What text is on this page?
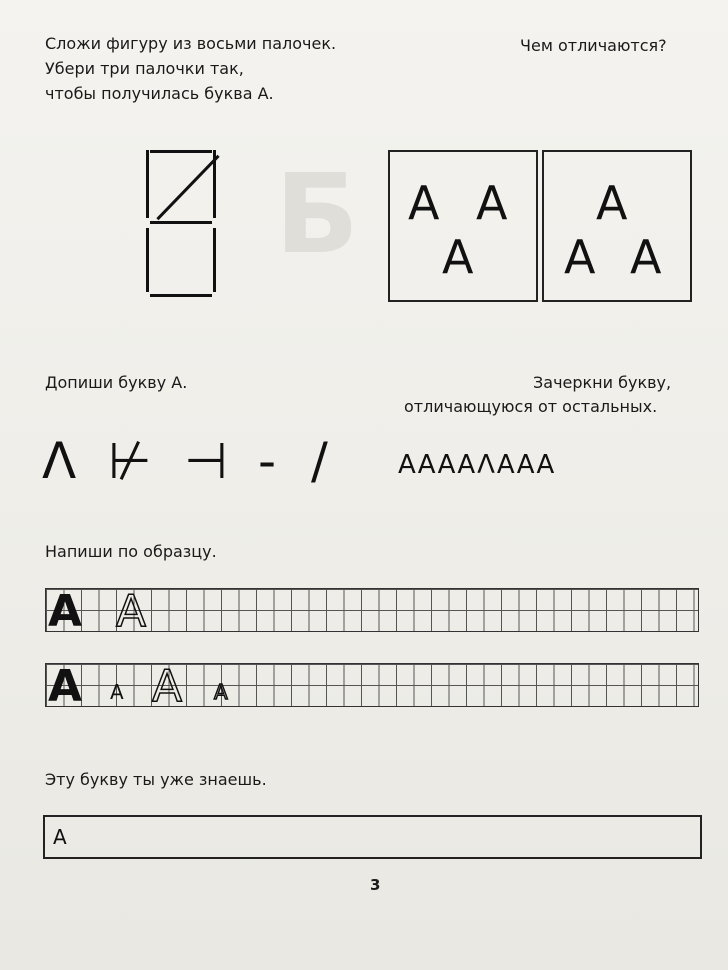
Б
Сложи фигуру из восьми палочек.
Убери три палочки так,
чтобы получилась буква А.
Чем отличаются?
А А
А
А
А А
Допиши букву А.	Зачеркни букву,
отличающуюся от остальных.
Λ ⊬ ⊣ - /	ААААΛААА
Напиши по образцу.
А А
А А А А
Эту букву ты уже знаешь.
А
3
